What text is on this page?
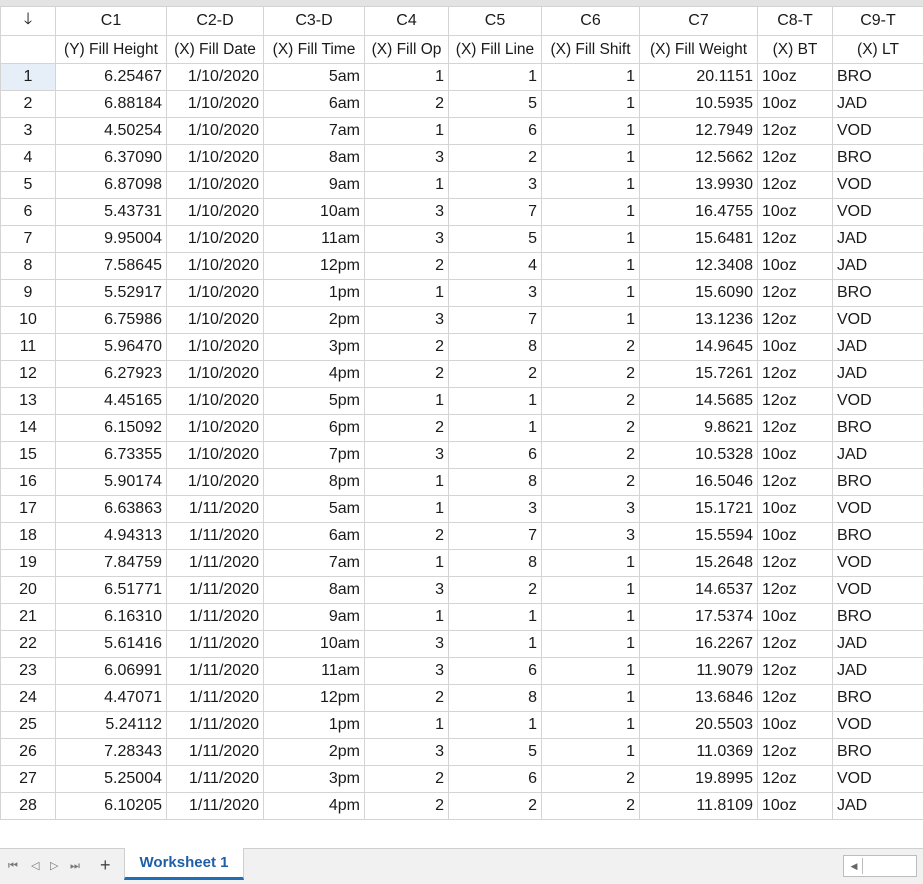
🡓	C1	C2-D	C3-D	C4	C5	C6	C7	C8-T	C9-T
	(Y) Fill Height	(X) Fill Date	(X) Fill Time	(X) Fill Op	(X) Fill Line	(X) Fill Shift	(X) Fill Weight	(X) BT	(X) LT
1	6.25467	1/10/2020	5am	1	1	1	20.1151	10oz	BRO
2	6.88184	1/10/2020	6am	2	5	1	10.5935	10oz	JAD
3	4.50254	1/10/2020	7am	1	6	1	12.7949	12oz	VOD
4	6.37090	1/10/2020	8am	3	2	1	12.5662	12oz	BRO
5	6.87098	1/10/2020	9am	1	3	1	13.9930	12oz	VOD
6	5.43731	1/10/2020	10am	3	7	1	16.4755	10oz	VOD
7	9.95004	1/10/2020	11am	3	5	1	15.6481	12oz	JAD
8	7.58645	1/10/2020	12pm	2	4	1	12.3408	10oz	JAD
9	5.52917	1/10/2020	1pm	1	3	1	15.6090	12oz	BRO
10	6.75986	1/10/2020	2pm	3	7	1	13.1236	12oz	VOD
11	5.96470	1/10/2020	3pm	2	8	2	14.9645	10oz	JAD
12	6.27923	1/10/2020	4pm	2	2	2	15.7261	12oz	JAD
13	4.45165	1/10/2020	5pm	1	1	2	14.5685	12oz	VOD
14	6.15092	1/10/2020	6pm	2	1	2	9.8621	12oz	BRO
15	6.73355	1/10/2020	7pm	3	6	2	10.5328	10oz	JAD
16	5.90174	1/10/2020	8pm	1	8	2	16.5046	12oz	BRO
17	6.63863	1/11/2020	5am	1	3	3	15.1721	10oz	VOD
18	4.94313	1/11/2020	6am	2	7	3	15.5594	10oz	BRO
19	7.84759	1/11/2020	7am	1	8	1	15.2648	12oz	VOD
20	6.51771	1/11/2020	8am	3	2	1	14.6537	12oz	VOD
21	6.16310	1/11/2020	9am	1	1	1	17.5374	10oz	BRO
22	5.61416	1/11/2020	10am	3	1	1	16.2267	12oz	JAD
23	6.06991	1/11/2020	11am	3	6	1	11.9079	12oz	JAD
24	4.47071	1/11/2020	12pm	2	8	1	13.6846	12oz	BRO
25	5.24112	1/11/2020	1pm	1	1	1	20.5503	10oz	VOD
26	7.28343	1/11/2020	2pm	3	5	1	11.0369	12oz	BRO
27	5.25004	1/11/2020	3pm	2	6	2	19.8995	12oz	VOD
28	6.10205	1/11/2020	4pm	2	2	2	11.8109	10oz	JAD
⏮ ◁ ▷ ⏭ +	Worksheet 1	◀
